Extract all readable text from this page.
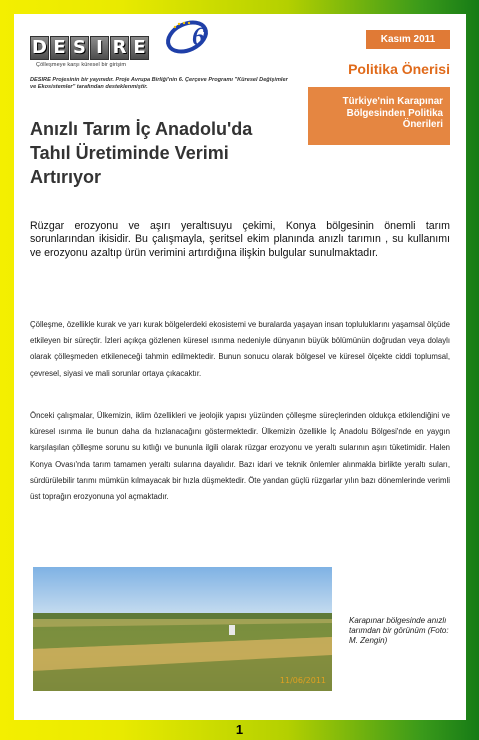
D E S I R E 6
Çölleşmeye karşı küresel bir girişim
DESIRE Projesinin bir yayınıdır. Proje Avrupa Birliği'nin 6. Çerçeve Programı "Küresel Değişimler ve Ekosistemler" tarafından desteklenmiştir.
Kasım 2011
Politika Önerisi
Türkiye'nin Karapınar Bölgesinden Politika Önerileri
Anızlı Tarım İç Anadolu'da Tahıl Üretiminde Verimi Artırıyor
Rüzgar erozyonu ve aşırı yeraltısuyu çekimi, Konya bölgesinin önemli tarım sorunlarından ikisidir. Bu çalışmayla, şeritsel ekim planında anızlı tarımın , su kullanımı ve erozyonu azaltıp ürün verimini artırdığına ilişkin bulgular sunulmaktadır.
Çölleşme, özellikle kurak ve yarı kurak bölgelerdeki ekosistemi ve buralarda yaşayan insan topluluklarını yaşamsal ölçüde etkileyen bir süreçtir. İzleri açıkça gözlenen küresel ısınma nedeniyle dünyanın büyük bölümünün doğrudan veya dolaylı olarak çölleşmeden etkileneceği tahmin edilmektedir. Bunun sonucu olarak bölgesel ve küresel ölçekte ciddi toplumsal, çevresel, siyasi ve mali sorunlar ortaya çıkacaktır.
Önceki çalışmalar, Ülkemizin, iklim özellikleri ve jeolojik yapısı yüzünden çölleşme süreçlerinden oldukça etkilendiğini ve küresel ısınma ile bunun daha da hızlanacağını göstermektedir. Ülkemizin özellikle İç Anadolu Bölgesi'nde en yaygın karşılaşılan çölleşme sorunu su kıtlığı ve bununla ilgili olarak rüzgar erozyonu ve yeraltı sularının aşırı tüketimidir. Halen Konya Ovası'nda tarım tamamen yeraltı sularına dayalıdır. Bazı idari ve teknik önlemler alınmakla birlikte yeraltı suları, sürdürülebilir tarımı mümkün kılmayacak bir hızla düşmektedir. Öte yandan güçlü rüzgarlar yılın bazı dönemlerinde verimli üst toprağın erozyonuna yol açmaktadır.
11/06/2011
Karapınar bölgesinde anızlı tarımdan bir görünüm (Foto: M. Zengin)
1
